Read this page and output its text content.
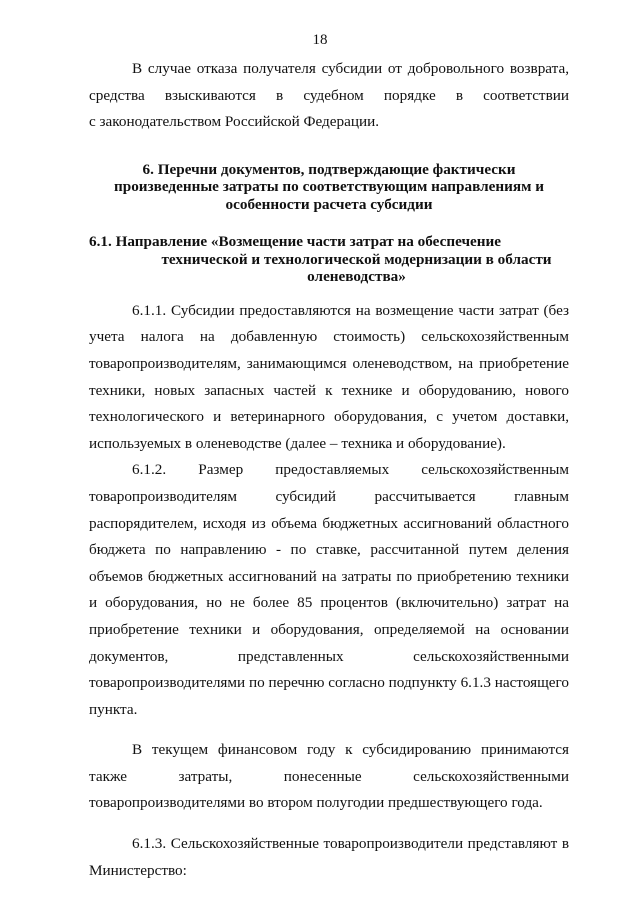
18

В случае отказа получателя субсидии от добровольного возврата,

средства взыскиваются в судебном порядке в соответствии

с законодательством Российской Федерации.

6. Перечни документов, подтверждающие фактически произведенные затраты по соответствующим направлениям и особенности расчета субсидии

6.1. Направление «Возмещение части затрат на обеспечение
технической и технологической модернизации в области оленеводства»

6.1.1. Субсидии предоставляются на возмещение части затрат (без учета налога на добавленную стоимость) сельскохозяйственным товаропроизводителям, занимающимся оленеводством, на приобретение техники, новых запасных частей к технике и оборудованию, нового технологического и ветеринарного оборудования, с учетом доставки, используемых в оленеводстве (далее – техника и оборудование).

6.1.2. Размер предоставляемых сельскохозяйственным товаропроизводителям субсидий рассчитывается главным распорядителем, исходя из объема бюджетных ассигнований областного бюджета по направлению - по ставке, рассчитанной путем деления объемов бюджетных ассигнований на затраты по приобретению техники и оборудования, но не более 85 процентов (включительно) затрат на приобретение техники и оборудования, определяемой на основании документов, представленных сельскохозяйственными товаропроизводителями по перечню согласно подпункту 6.1.3 настоящего пункта.

В текущем финансовом году к субсидированию принимаются также затраты, понесенные сельскохозяйственными товаропроизводителями во втором полугодии предшествующего года.

6.1.3. Сельскохозяйственные товаропроизводители представляют в Министерство:
